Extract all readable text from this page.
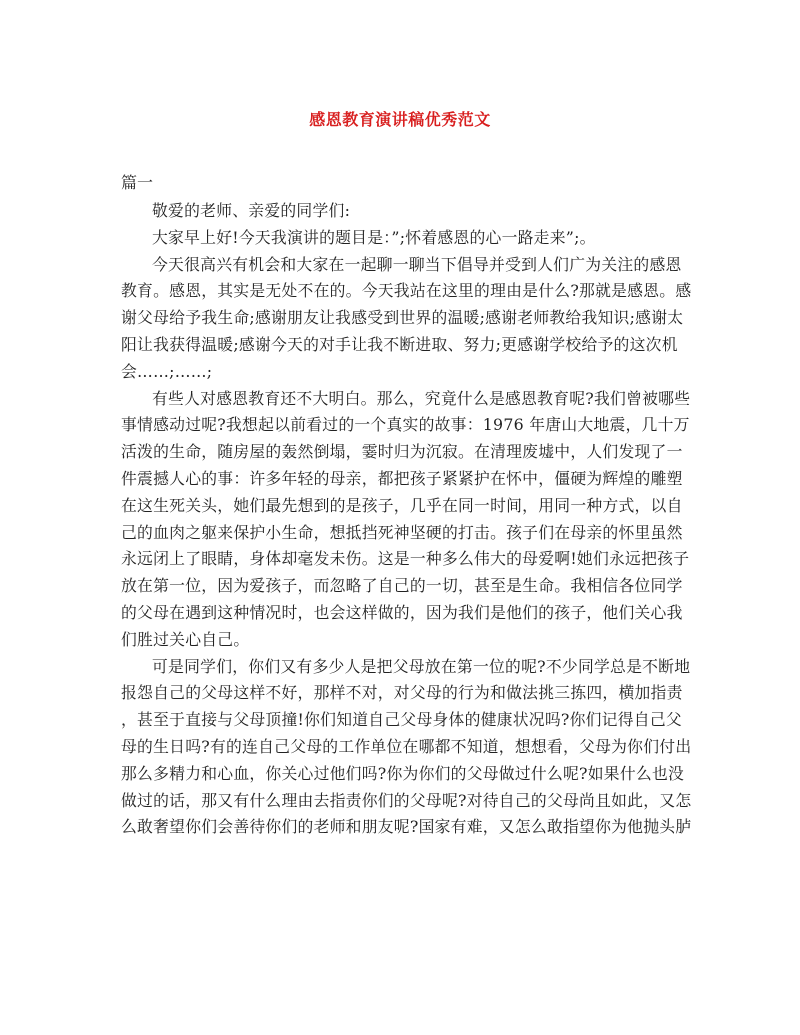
感恩教育演讲稿优秀范文
篇一
敬爱的老师、亲爱的同学们:
大家早上好!今天我演讲的题目是：”;怀着感恩的心一路走来”;。
今天很高兴有机会和大家在一起聊一聊当下倡导并受到人们广为关注的感恩
教育。感恩，其实是无处不在的。今天我站在这里的理由是什么?那就是感恩。感
谢父母给予我生命;感谢朋友让我感受到世界的温暖;感谢老师教给我知识;感谢太
阳让我获得温暖;感谢今天的对手让我不断进取、努力;更感谢学校给予的这次机
会……;……;
有些人对感恩教育还不大明白。那么，究竟什么是感恩教育呢?我们曾被哪些
事情感动过呢?我想起以前看过的一个真实的故事：1976 年唐山大地震，几十万
活泼的生命，随房屋的轰然倒塌，霎时归为沉寂。在清理废墟中，人们发现了一
件震撼人心的事：许多年轻的母亲，都把孩子紧紧护在怀中，僵硬为辉煌的雕塑
在这生死关头，她们最先想到的是孩子，几乎在同一时间，用同一种方式，以自
己的血肉之躯来保护小生命，想抵挡死神坚硬的打击。孩子们在母亲的怀里虽然
永远闭上了眼睛，身体却毫发未伤。这是一种多么伟大的母爱啊!她们永远把孩子
放在第一位，因为爱孩子，而忽略了自己的一切，甚至是生命。我相信各位同学
的父母在遇到这种情况时，也会这样做的，因为我们是他们的孩子，他们关心我
们胜过关心自己。
可是同学们，你们又有多少人是把父母放在第一位的呢?不少同学总是不断地
报怨自己的父母这样不好，那样不对，对父母的行为和做法挑三拣四，横加指责
，甚至于直接与父母顶撞!你们知道自己父母身体的健康状况吗?你们记得自己父
母的生日吗?有的连自己父母的工作单位在哪都不知道，想想看，父母为你们付出
那么多精力和心血，你关心过他们吗?你为你们的父母做过什么呢?如果什么也没
做过的话，那又有什么理由去指责你们的父母呢?对待自己的父母尚且如此，又怎
么敢奢望你们会善待你们的老师和朋友呢?国家有难，又怎么敢指望你为他抛头胪
